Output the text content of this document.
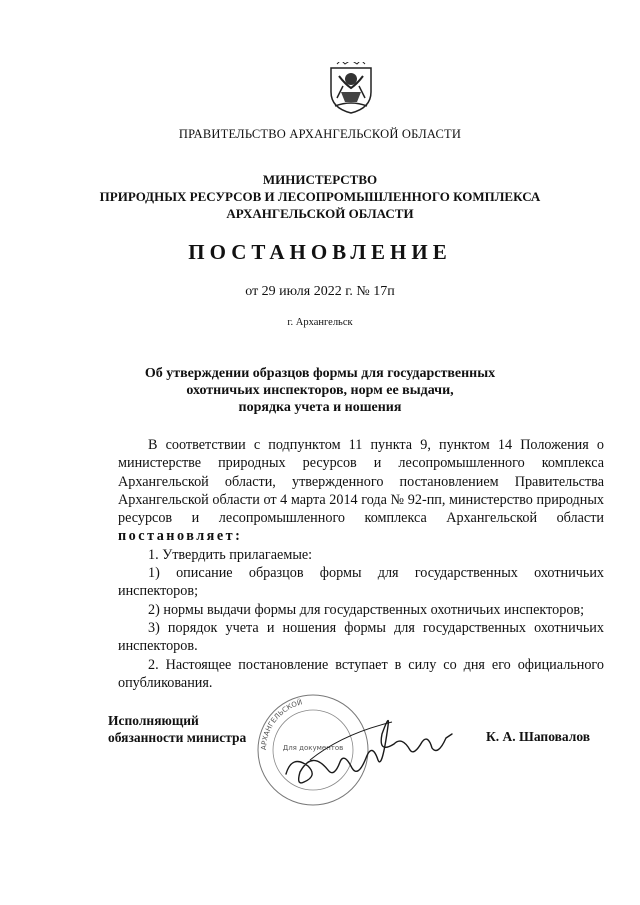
ПРАВИТЕЛЬСТВО АРХАНГЕЛЬСКОЙ ОБЛАСТИ
МИНИСТЕРСТВО
ПРИРОДНЫХ РЕСУРСОВ И ЛЕСОПРОМЫШЛЕННОГО КОМПЛЕКСА
АРХАНГЕЛЬСКОЙ ОБЛАСТИ
ПОСТАНОВЛЕНИЕ
от 29 июля 2022 г. № 17п
г. Архангельск
Об утверждении образцов формы для государственных
охотничьих инспекторов, норм ее выдачи,
порядка учета и ношения

В соответствии с подпунктом 11 пункта 9, пунктом 14 Положения о министерстве природных ресурсов и лесопромышленного комплекса Архангельской области, утвержденного постановлением Правительства Архангельской области от 4 марта 2014 года № 92-пп, министерство природных ресурсов и лесопромышленного комплекса Архангельской области постановляет:

1. Утвердить прилагаемые:

1) описание образцов формы для государственных охотничьих инспекторов;

2) нормы выдачи формы для государственных охотничьих инспекторов;

3) порядок учета и ношения формы для государственных охотничьих инспекторов.

2. Настоящее постановление вступает в силу со дня его официального опубликования.

Исполняющий
обязанности министра
АРХАНГЕЛЬСКОЙ
Для документов
К. А. Шаповалов
